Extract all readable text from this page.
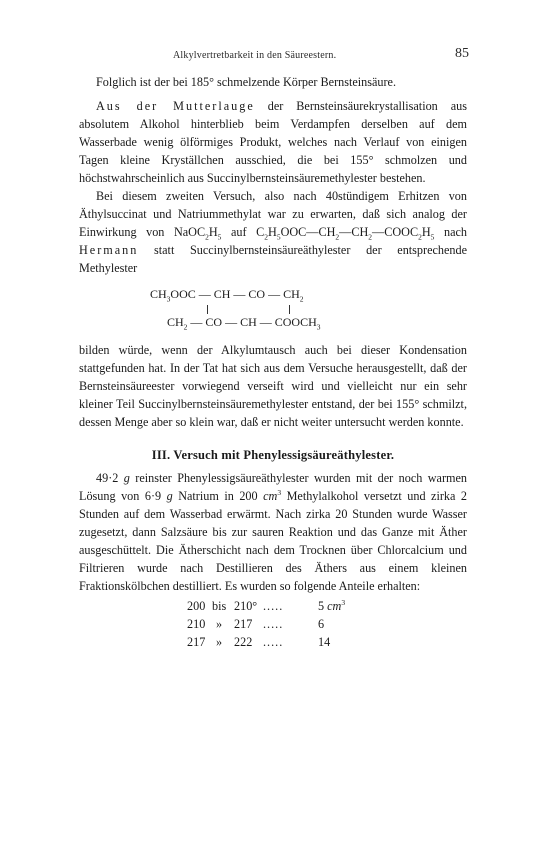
Alkylvertretbarkeit in den Säureestern.	85

Folglich ist der bei 185° schmelzende Körper Bernsteinsäure.

Aus der Mutterlauge der Bernsteinsäurekrystallisation aus absolutem Alkohol hinterblieb beim Verdampfen derselben auf dem Wasserbade wenig ölförmiges Produkt, welches nach Verlauf von einigen Tagen kleine Kryställchen ausschied, die bei 155° schmolzen und höchstwahrscheinlich aus Succinylbernsteinsäuremethylester bestehen.

Bei diesem zweiten Versuch, also nach 40stündigem Erhitzen von Äthylsuccinat und Natriummethylat war zu erwarten, daß sich analog der Einwirkung von $NaOC_2H_5$ auf $C_2H_5OOC—CH_2—CH_2—COOC_2H_5$ nach Hermann statt Succinylbernsteinsäureäthylester der entsprechende Methylester

$CH_3OOC$ — CH — CO — $CH_2$
$CH_2$ — CO — CH — $COOCH_3$

bilden würde, wenn der Alkylumtausch auch bei dieser Kondensation stattgefunden hat. In der Tat hat sich aus dem Versuche herausgestellt, daß der Bernsteinsäureester vorwiegend verseift wird und vielleicht nur ein sehr kleiner Teil Succinylbernsteinsäuremethylester entstand, der bei 155° schmilzt, dessen Menge aber so klein war, daß er nicht weiter untersucht werden konnte.

III. Versuch mit Phenylessigsäureäthylester.

49·2 g reinster Phenylessigsäureäthylester wurden mit der noch warmen Lösung von 6·9 g Natrium in 200 $cm^3$ Methylalkohol versetzt und zirka 2 Stunden auf dem Wasserbad erwärmt. Nach zirka 20 Stunden wurde Wasser zugesetzt, dann Salzsäure bis zur sauren Reaktion und das Ganze mit Äther ausgeschüttelt. Die Ätherschicht nach dem Trocknen über Chlorcalcium und Filtrieren wurde nach Destillieren des Äthers aus einem kleinen Fraktionskölbchen destilliert. Es wurden so folgende Anteile erhalten:

200 bis 210° .....	5 $cm^3$
210 » 217 .....	6
217 » 222 .....	14
